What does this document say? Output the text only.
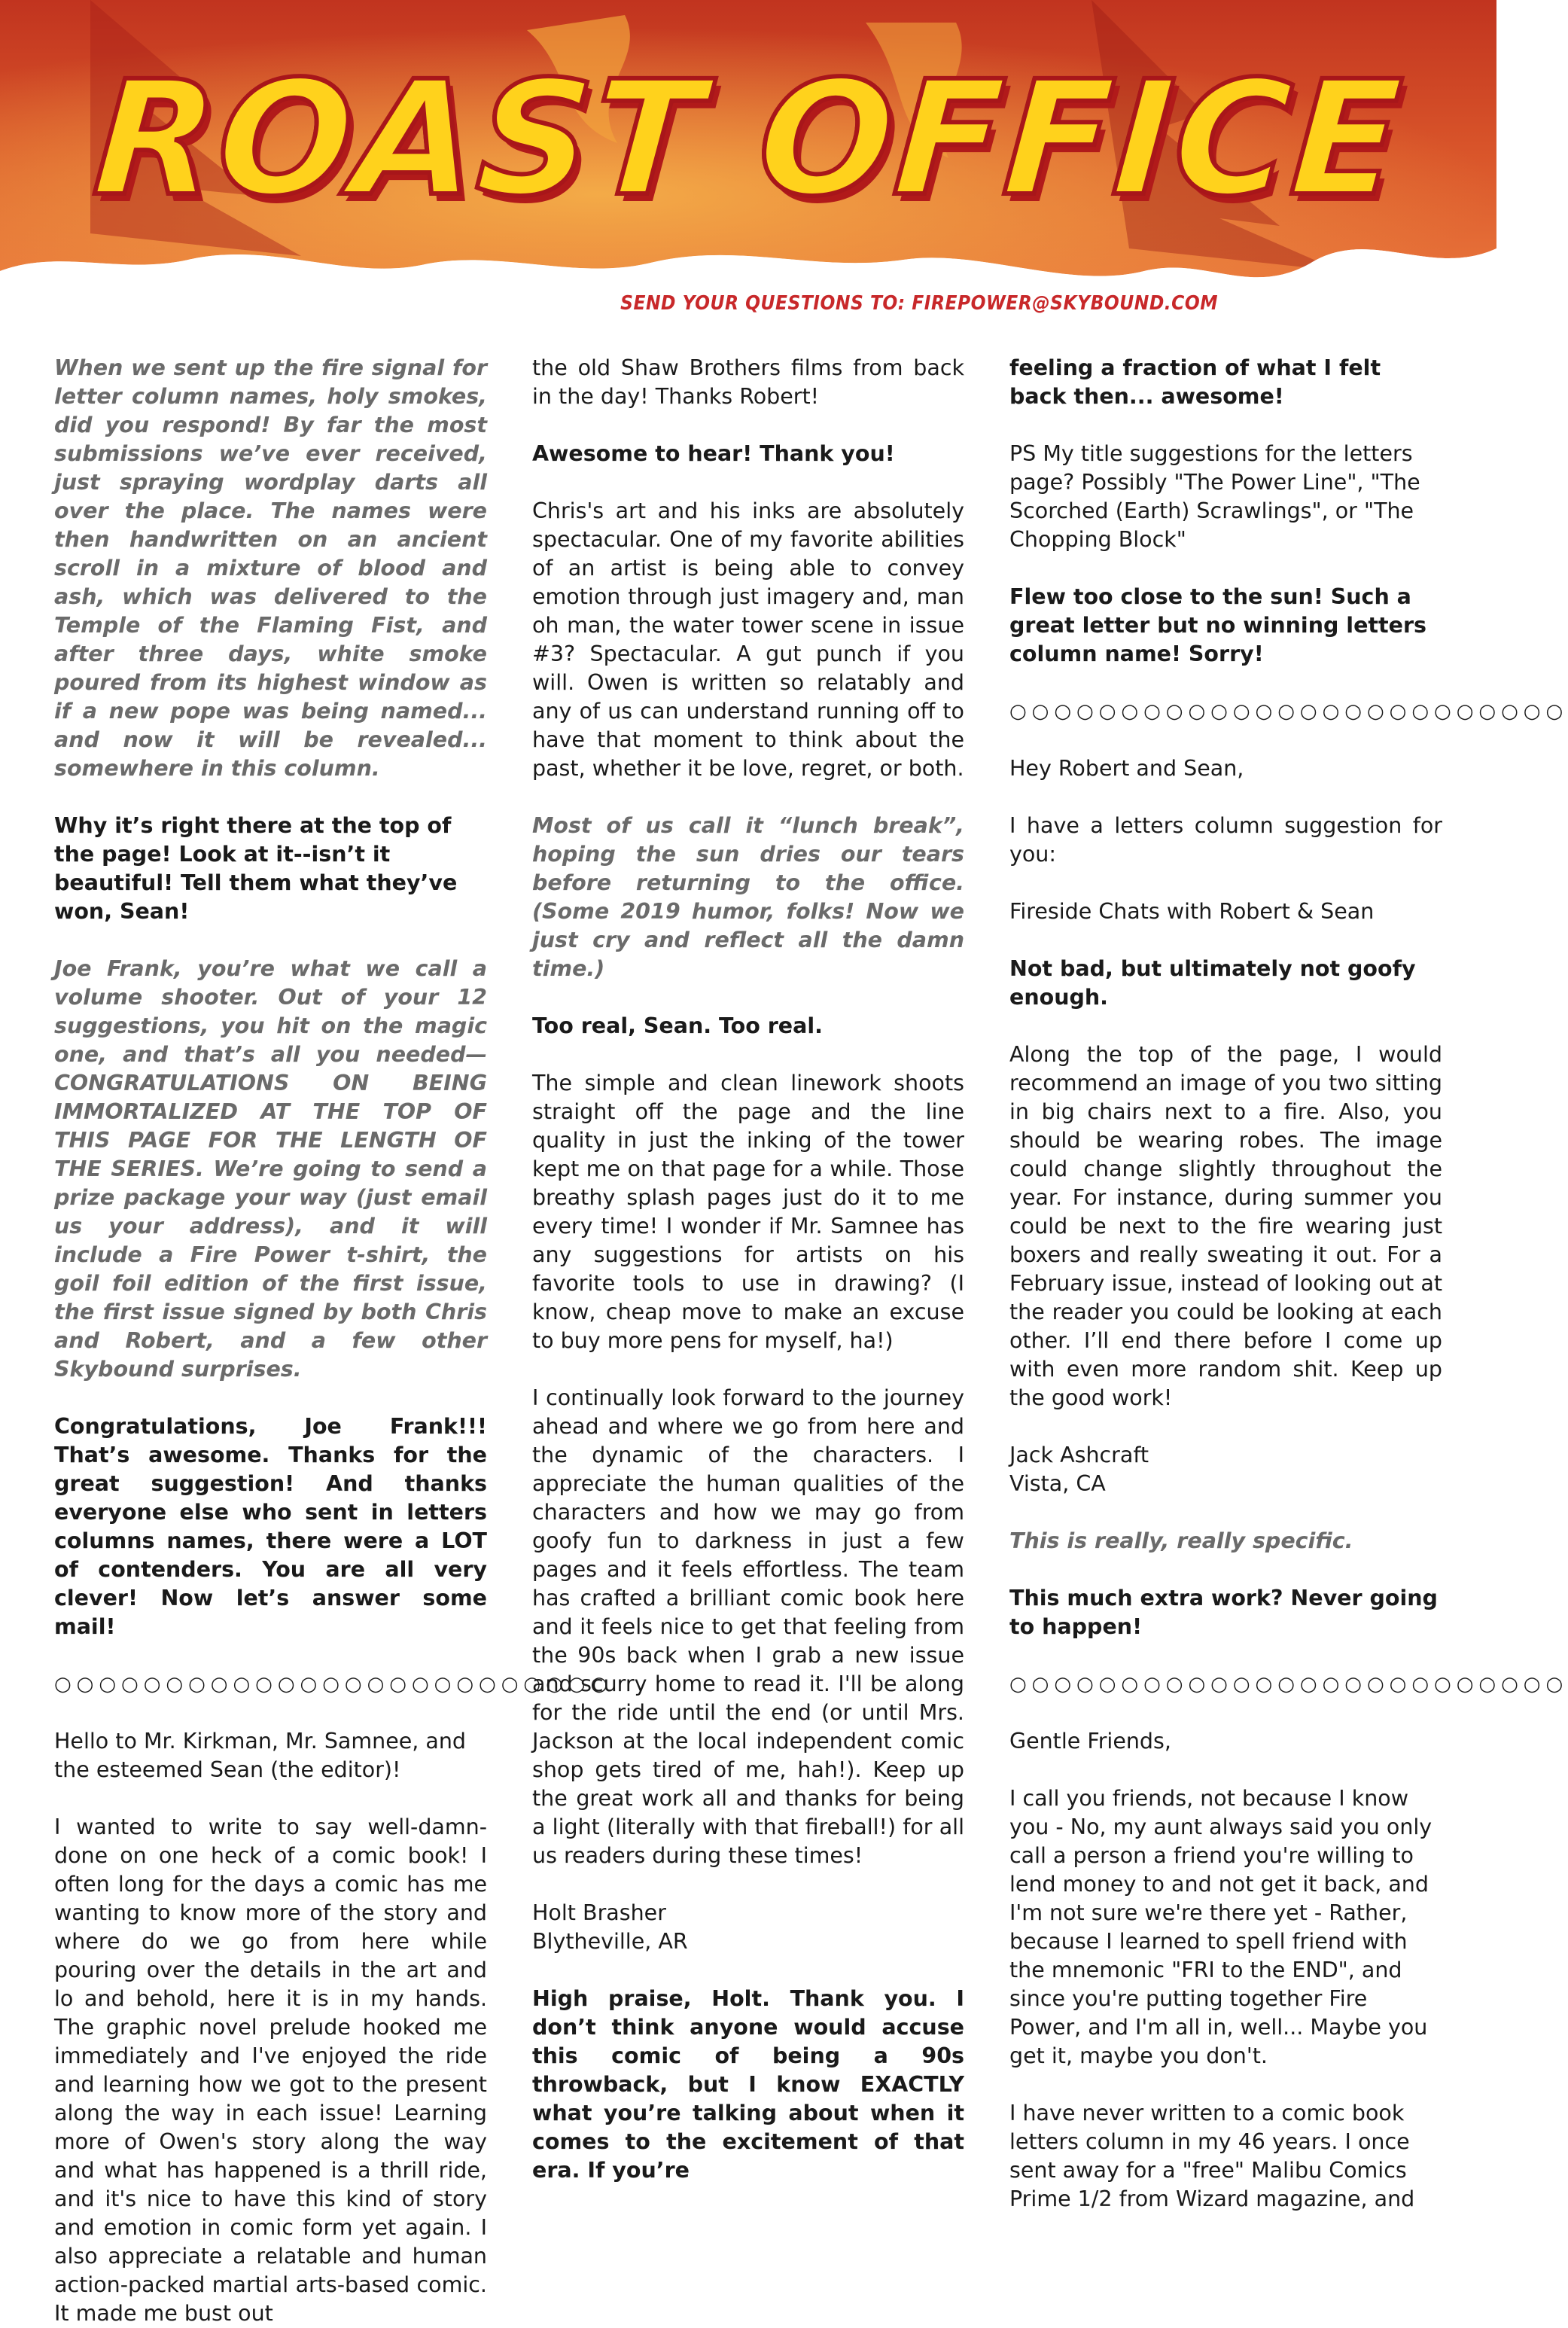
ROAST OFFICE
SEND YOUR QUESTIONS TO: FIREPOWER@SKYBOUND.COM

When we sent up the fire signal for letter column names, holy smokes, did you respond! By far the most submissions we’ve ever received, just spraying wordplay darts all over the place. The names were then handwritten on an ancient scroll in a mixture of blood and ash, which was delivered to the Temple of the Flaming Fist, and after three days, white smoke poured from its highest window as if a new pope was being named... and now it will be revealed... somewhere in this column.

Why it’s right there at the top of the page! Look at it--isn’t it beautiful! Tell them what they’ve won, Sean!

Joe Frank, you’re what we call a volume shooter. Out of your 12 suggestions, you hit on the magic one, and that’s all you needed— CONGRATULATIONS ON BEING IMMORTALIZED AT THE TOP OF THIS PAGE FOR THE LENGTH OF THE SERIES. We’re going to send a prize package your way (just email us your address), and it will include a Fire Power t-shirt, the goil foil edition of the first issue, the first issue signed by both Chris and Robert, and a few other Skybound surprises.

Congratulations, Joe Frank!!! That’s awesome. Thanks for the great suggestion! And thanks everyone else who sent in letters columns names, there were a LOT of contenders. You are all very clever! Now let’s answer some mail!

○○○○○○○○○○○○○○○○○○○○○○○○○

Hello to Mr. Kirkman, Mr. Samnee, and the esteemed Sean (the editor)!

I wanted to write to say well-damn-done on one heck of a comic book! I often long for the days a comic has me wanting to know more of the story and where do we go from here while pouring over the details in the art and lo and behold, here it is in my hands. The graphic novel prelude hooked me immediately and I've enjoyed the ride and learning how we got to the present along the way in each issue! Learning more of Owen's story along the way and what has happened is a thrill ride, and it's nice to have this kind of story and emotion in comic form yet again. I also appreciate a relatable and human action-packed martial arts-based comic. It made me bust out

the old Shaw Brothers films from back in the day! Thanks Robert!

Awesome to hear! Thank you!

Chris's art and his inks are absolutely spectacular. One of my favorite abilities of an artist is being able to convey emotion through just imagery and, man oh man, the water tower scene in issue #3? Spectacular. A gut punch if you will. Owen is written so relatably and any of us can understand running off to have that moment to think about the past, whether it be love, regret, or both.

Most of us call it “lunch break”, hoping the sun dries our tears before returning to the office. (Some 2019 humor, folks! Now we just cry and reflect all the damn time.)

Too real, Sean. Too real.

The simple and clean linework shoots straight off the page and the line quality in just the inking of the tower kept me on that page for a while. Those breathy splash pages just do it to me every time! I wonder if Mr. Samnee has any suggestions for artists on his favorite tools to use in drawing? (I know, cheap move to make an excuse to buy more pens for myself, ha!)

I continually look forward to the journey ahead and where we go from here and the dynamic of the characters. I appreciate the human qualities of the characters and how we may go from goofy fun to darkness in just a few pages and it feels effortless. The team has crafted a brilliant comic book here and it feels nice to get that feeling from the 90s back when I grab a new issue and scurry home to read it. I'll be along for the ride until the end (or until Mrs. Jackson at the local independent comic shop gets tired of me, hah!). Keep up the great work all and thanks for being a light (literally with that fireball!) for all us readers during these times!

Holt Brasher

Blytheville, AR

High praise, Holt. Thank you. I don’t think anyone would accuse this comic of being a 90s throwback, but I know EXACTLY what you’re talking about when it comes to the excitement of that era. If you’re

feeling a fraction of what I felt back then... awesome!

PS My title suggestions for the letters page? Possibly "The Power Line", "The Scorched (Earth) Scrawlings", or "The Chopping Block"

Flew too close to the sun! Such a great letter but no winning letters column name! Sorry!

○○○○○○○○○○○○○○○○○○○○○○○○○

Hey Robert and Sean,

I have a letters column suggestion for you:

Fireside Chats with Robert & Sean

Not bad, but ultimately not goofy enough.

Along the top of the page, I would recommend an image of you two sitting in big chairs next to a fire. Also, you should be wearing robes. The image could change slightly throughout the year. For instance, during summer you could be next to the fire wearing just boxers and really sweating it out. For a February issue, instead of looking out at the reader you could be looking at each other. I’ll end there before I come up with even more random shit. Keep up the good work!

Jack Ashcraft

Vista, CA

This is really, really specific.

This much extra work? Never going to happen!

○○○○○○○○○○○○○○○○○○○○○○○○○

Gentle Friends,

I call you friends, not because I know you - No, my aunt always said you only call a person a friend you're willing to lend money to and not get it back, and I'm not sure we're there yet - Rather, because I learned to spell friend with the mnemonic "FRI to the END", and since you're putting together Fire Power, and I'm all in, well... Maybe you get it, maybe you don't.

I have never written to a comic book letters column in my 46 years. I once sent away for a "free" Malibu Comics Prime 1/2 from Wizard magazine, and
